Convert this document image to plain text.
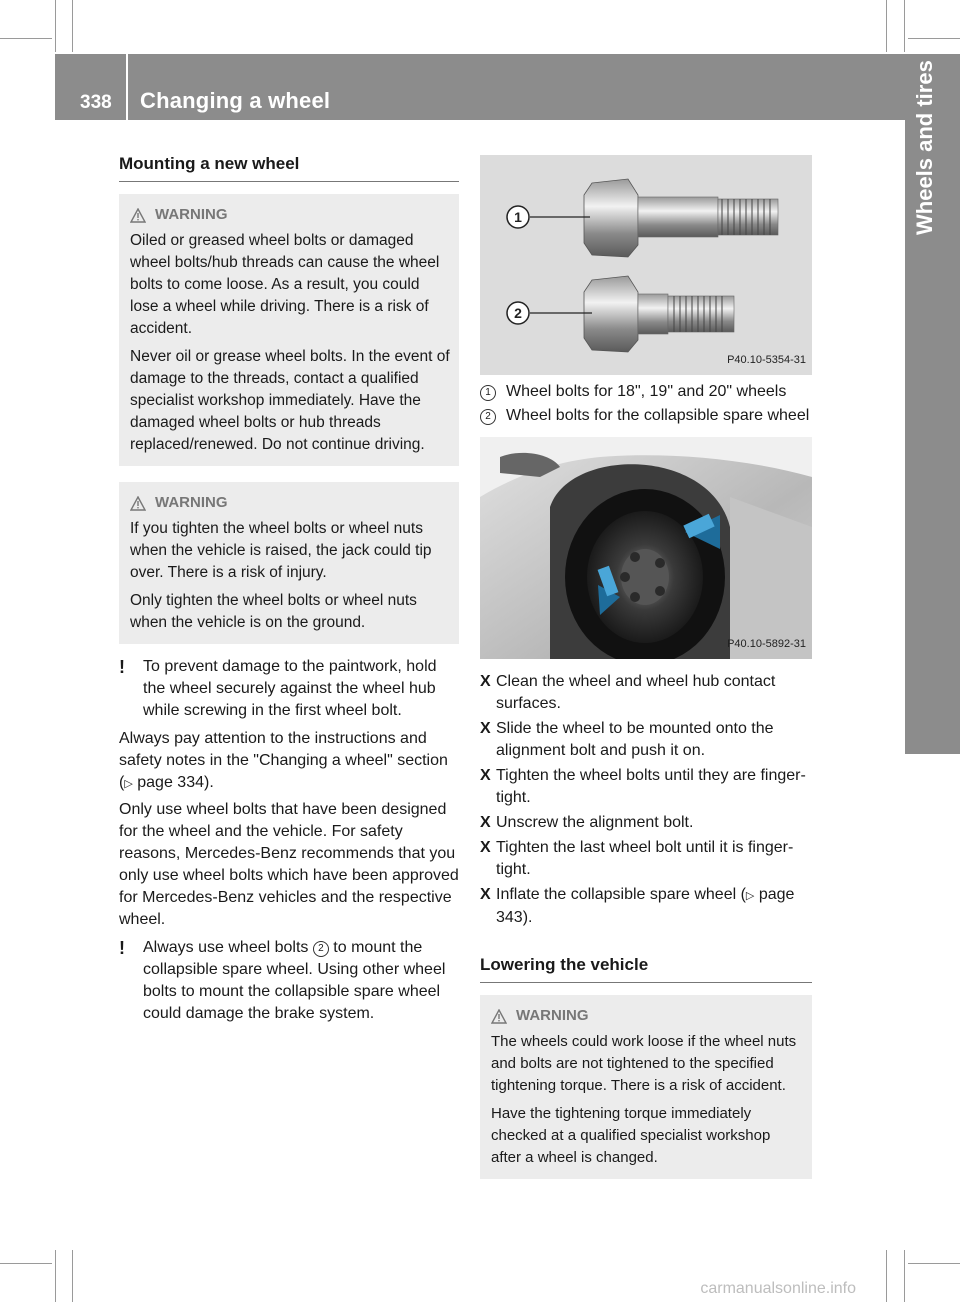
338 Changing a wheel	Wheels and tires
Mounting a new wheel
WARNING

Oiled or greased wheel bolts or damaged wheel bolts/hub threads can cause the wheel bolts to come loose. As a result, you could lose a wheel while driving. There is a risk of accident.

Never oil or grease wheel bolts. In the event of damage to the threads, contact a qualified specialist workshop immediately. Have the damaged wheel bolts or hub threads replaced/renewed. Do not continue driving.

WARNING

If you tighten the wheel bolts or wheel nuts when the vehicle is raised, the jack could tip over. There is a risk of injury.

Only tighten the wheel bolts or wheel nuts when the vehicle is on the ground.

!	To prevent damage to the paintwork, hold the wheel securely against the wheel hub while screwing in the first wheel bolt.

Always pay attention to the instructions and safety notes in the "Changing a wheel" section (▷ page 334).

Only use wheel bolts that have been designed for the wheel and the vehicle. For safety reasons, Mercedes-Benz recommends that you only use wheel bolts which have been approved for Mercedes-Benz vehicles and the respective wheel.

!	Always use wheel bolts 2 to mount the collapsible spare wheel. Using other wheel bolts to mount the collapsible spare wheel could damage the brake system.
1
2
P40.10-5354-31
1 Wheel bolts for 18", 19" and 20" wheels
2 Wheel bolts for the collapsible spare wheel
P40.10-5892-31
X Clean the wheel and wheel hub contact surfaces.
X Slide the wheel to be mounted onto the alignment bolt and push it on.
X Tighten the wheel bolts until they are finger-tight.
X Unscrew the alignment bolt.
X Tighten the last wheel bolt until it is finger-tight.
X Inflate the collapsible spare wheel (▷ page 343).
Lowering the vehicle
WARNING

The wheels could work loose if the wheel nuts and bolts are not tightened to the specified tightening torque. There is a risk of accident.

Have the tightening torque immediately checked at a qualified specialist workshop after a wheel is changed.

carmanualsonline.info
